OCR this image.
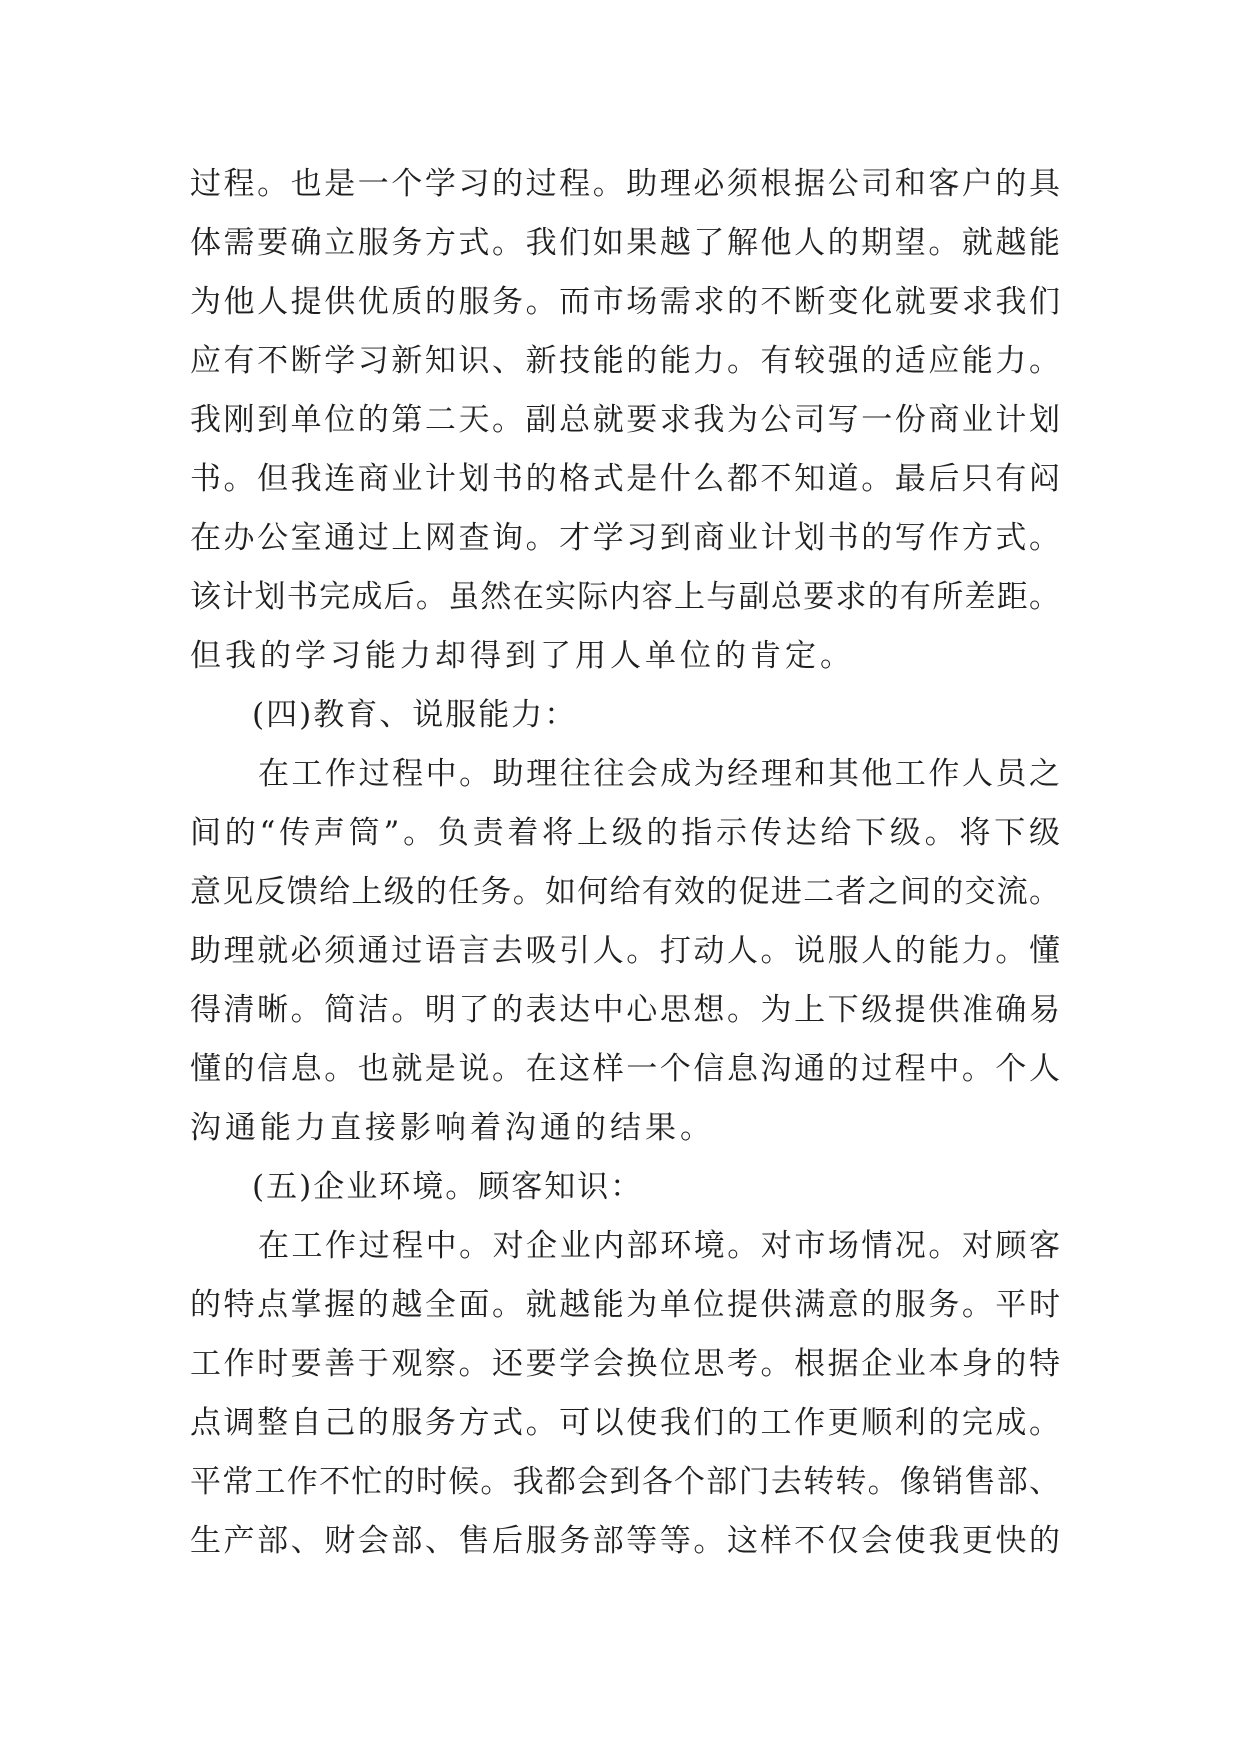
过程。也是一个学习的过程。助理必须根据公司和客户的具
体需要确立服务方式。我们如果越了解他人的期望。就越能
为他人提供优质的服务。而市场需求的不断变化就要求我们
应有不断学习新知识、新技能的能力。有较强的适应能力。
我刚到单位的第二天。副总就要求我为公司写一份商业计划
书。但我连商业计划书的格式是什么都不知道。最后只有闷
在办公室通过上网查询。才学习到商业计划书的写作方式。
该计划书完成后。虽然在实际内容上与副总要求的有所差距。
但我的学习能力却得到了用人单位的肯定。
(四)教育、说服能力：
在工作过程中。助理往往会成为经理和其他工作人员之
间的“传声筒”。负责着将上级的指示传达给下级。将下级
意见反馈给上级的任务。如何给有效的促进二者之间的交流。
助理就必须通过语言去吸引人。打动人。说服人的能力。懂
得清晰。简洁。明了的表达中心思想。为上下级提供准确易
懂的信息。也就是说。在这样一个信息沟通的过程中。个人
沟通能力直接影响着沟通的结果。
(五)企业环境。顾客知识：
在工作过程中。对企业内部环境。对市场情况。对顾客
的特点掌握的越全面。就越能为单位提供满意的服务。平时
工作时要善于观察。还要学会换位思考。根据企业本身的特
点调整自己的服务方式。可以使我们的工作更顺利的完成。
平常工作不忙的时候。我都会到各个部门去转转。像销售部、
生产部、财会部、售后服务部等等。这样不仅会使我更快的
